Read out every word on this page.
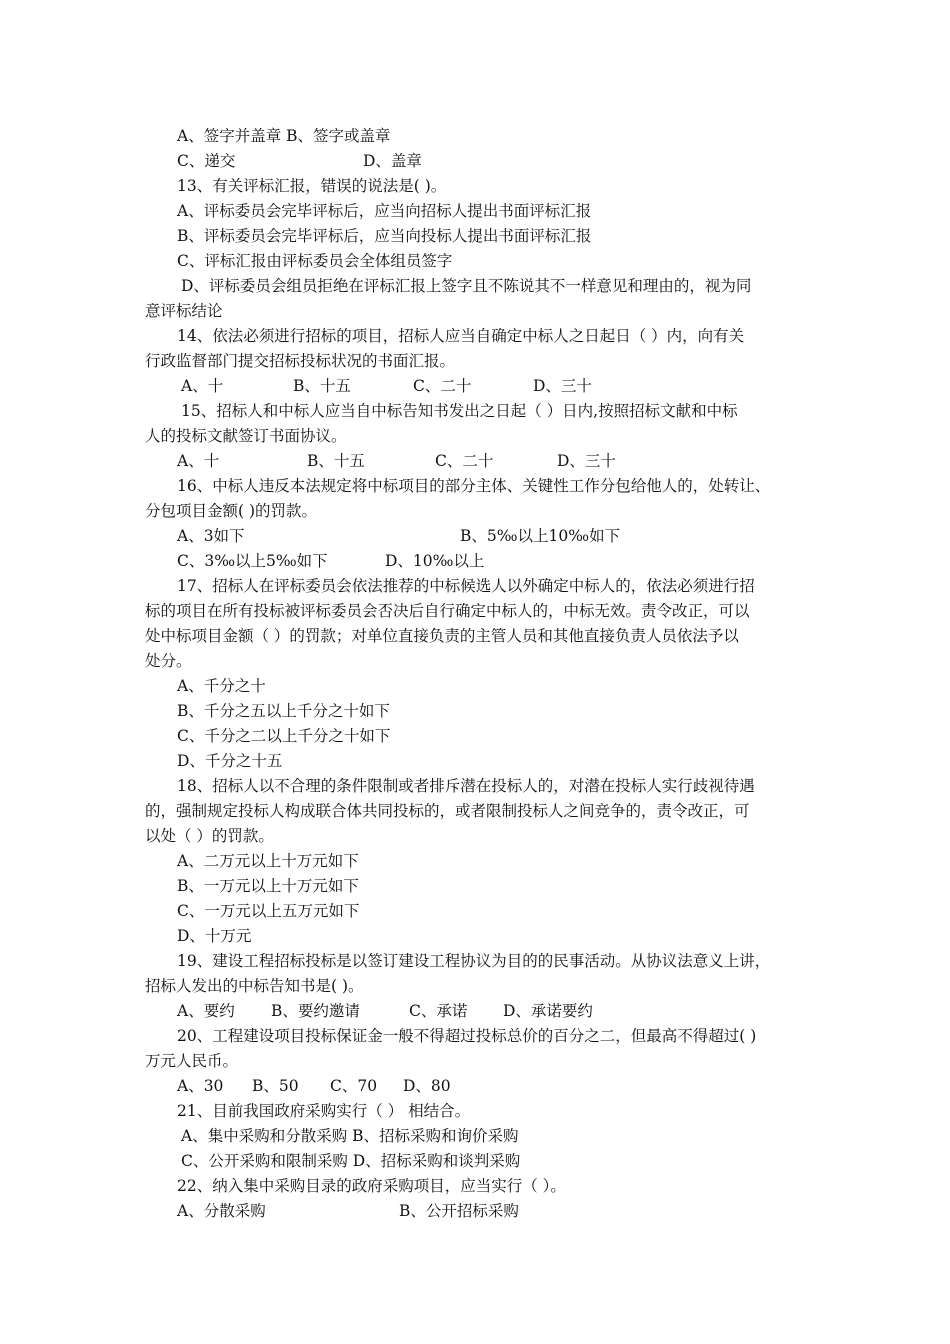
A、签字并盖章 B、签字或盖章
C、递交	D、盖章
13、有关评标汇报，错误的说法是( )。
A、评标委员会完毕评标后，应当向招标人提出书面评标汇报
B、评标委员会完毕评标后，应当向投标人提出书面评标汇报
C、评标汇报由评标委员会全体组员签字
D、评标委员会组员拒绝在评标汇报上签字且不陈说其不一样意见和理由的，视为同
意评标结论
14、依法必须进行招标的项目，招标人应当自确定中标人之日起日（ ）内，向有关
行政监督部门提交招标投标状况的书面汇报。
A、十	B、十五	C、二十	D、三十
15、招标人和中标人应当自中标告知书发出之日起（ ）日内,按照招标文献和中标
人的投标文献签订书面协议。
A、十	B、十五	C、二十	D、三十
16、中标人违反本法规定将中标项目的部分主体、关键性工作分包给他人的，处转让、
分包项目金额( )的罚款。
A、3如下	B、5‰以上10‰如下
C、3‰以上5‰如下	D、10‰以上
17、招标人在评标委员会依法推荐的中标候选人以外确定中标人的，依法必须进行招
标的项目在所有投标被评标委员会否决后自行确定中标人的，中标无效。责令改正，可以
处中标项目金额（ ）的罚款；对单位直接负责的主管人员和其他直接负责人员依法予以
处分。
A、千分之十
B、千分之五以上千分之十如下
C、千分之二以上千分之十如下
D、千分之十五
18、招标人以不合理的条件限制或者排斥潜在投标人的，对潜在投标人实行歧视待遇
的，强制规定投标人构成联合体共同投标的，或者限制投标人之间竞争的，责令改正，可
以处（ ）的罚款。
A、二万元以上十万元如下
B、一万元以上十万元如下
C、一万元以上五万元如下
D、十万元
19、建设工程招标投标是以签订建设工程协议为目的的民事活动。从协议法意义上讲，
招标人发出的中标告知书是( )。
A、要约 B、要约邀请	C、承诺 D、承诺要约
20、工程建设项目投标保证金一般不得超过投标总价的百分之二，但最高不得超过( )
万元人民币。
A、30 B、50 C、70 D、80
21、目前我国政府采购实行（ ） 相结合。
A、集中采购和分散采购 B、招标采购和询价采购
C、公开采购和限制采购 D、招标采购和谈判采购
22、纳入集中采购目录的政府采购项目，应当实行（ ）。
A、分散采购	B、公开招标采购
